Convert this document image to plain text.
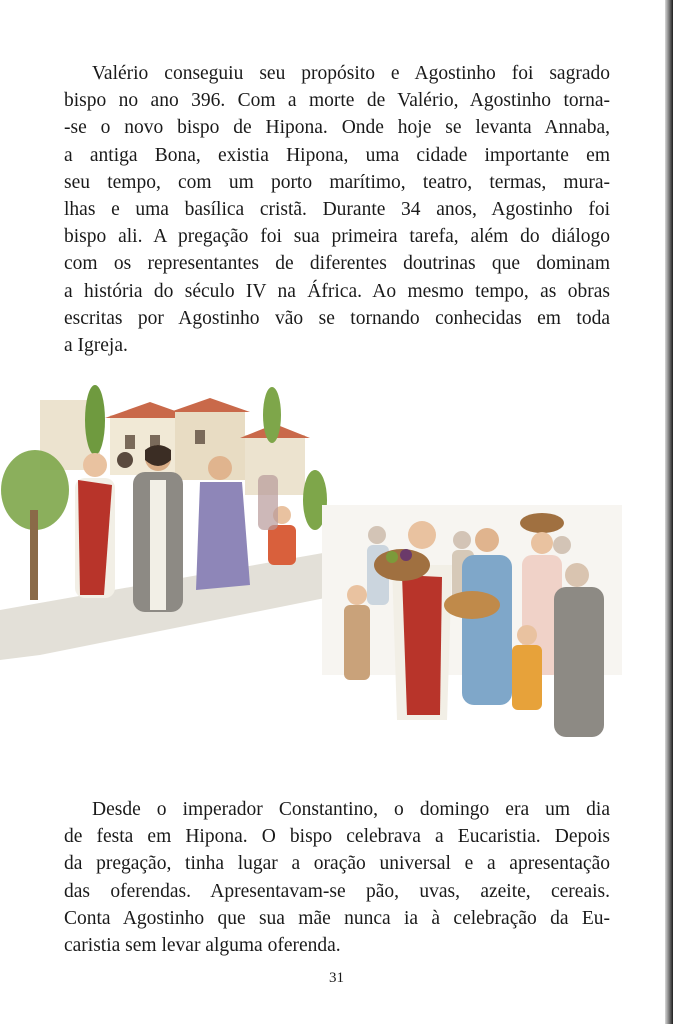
Valério conseguiu seu propósito e Agostinho foi sagrado
bispo no ano 396. Com a morte de Valério, Agostinho torna-
-se o novo bispo de Hipona. Onde hoje se levanta Annaba,
a antiga Bona, existia Hipona, uma cidade importante em
seu tempo, com um porto marítimo, teatro, termas, mura-
lhas e uma basílica cristã. Durante 34 anos, Agostinho foi
bispo ali. A pregação foi sua primeira tarefa, além do diálogo
com os representantes de diferentes doutrinas que dominam
a história do século IV na África. Ao mesmo tempo, as obras
escritas por Agostinho vão se tornando conhecidas em toda
a Igreja.
Desde o imperador Constantino, o domingo era um dia
de festa em Hipona. O bispo celebrava a Eucaristia. Depois
da pregação, tinha lugar a oração universal e a apresentação
das oferendas. Apresentavam-se pão, uvas, azeite, cereais.
Conta Agostinho que sua mãe nunca ia à celebração da Eu-
caristia sem levar alguma oferenda.
31
